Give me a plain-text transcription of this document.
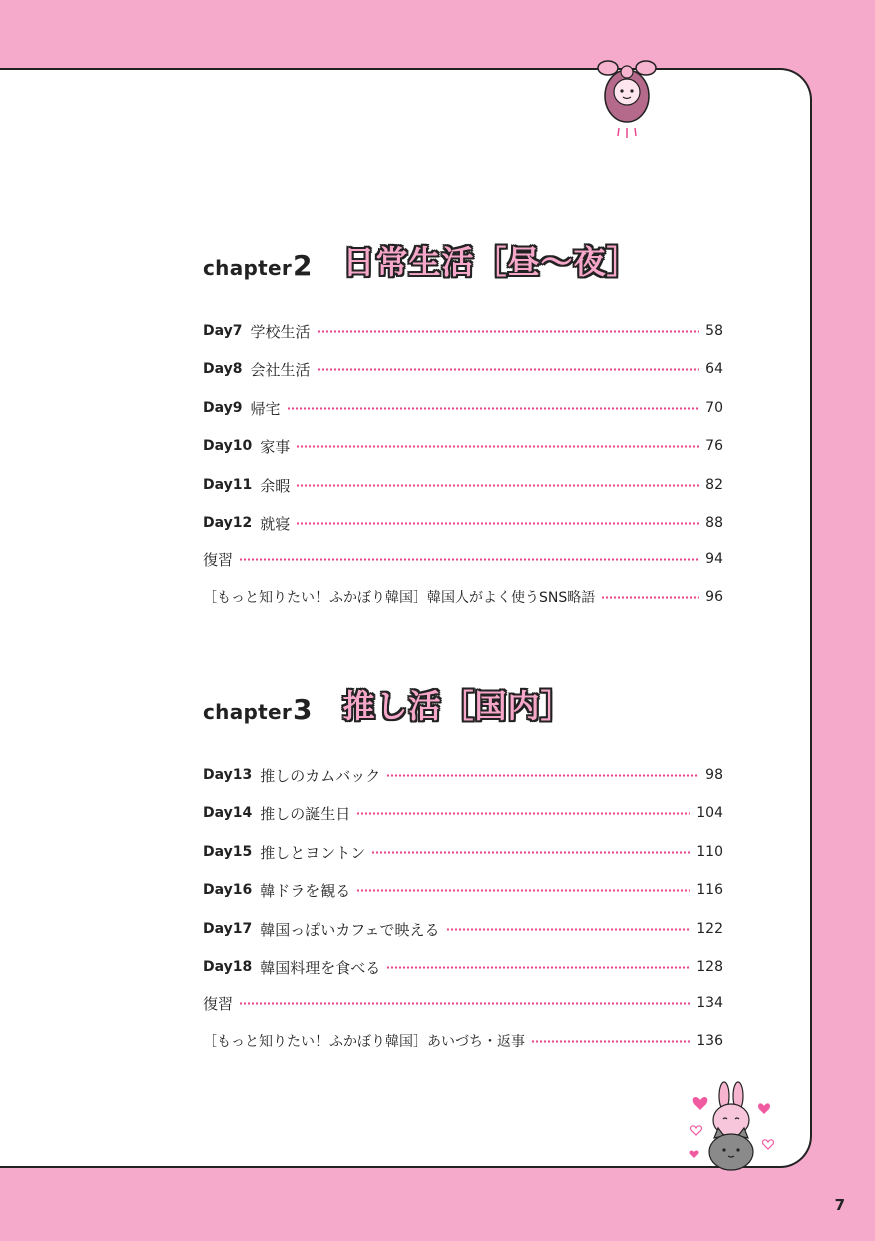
chapter 2 日常生活［昼～夜］
Day7 学校生活	58
Day8 会社生活	64
Day9 帰宅	70
Day10 家事	76
Day11 余暇	82
Day12 就寝	88
復習	94
［もっと知りたい！ふかぼり韓国］韓国人がよく使うSNS略語	96
chapter 3 推し活［国内］
Day13 推しのカムバック	98
Day14 推しの誕生日	104
Day15 推しとヨントン	110
Day16 韓ドラを観る	116
Day17 韓国っぽいカフェで映える	122
Day18 韓国料理を食べる	128
復習	134
［もっと知りたい！ふかぼり韓国］あいづち・返事	136
7
